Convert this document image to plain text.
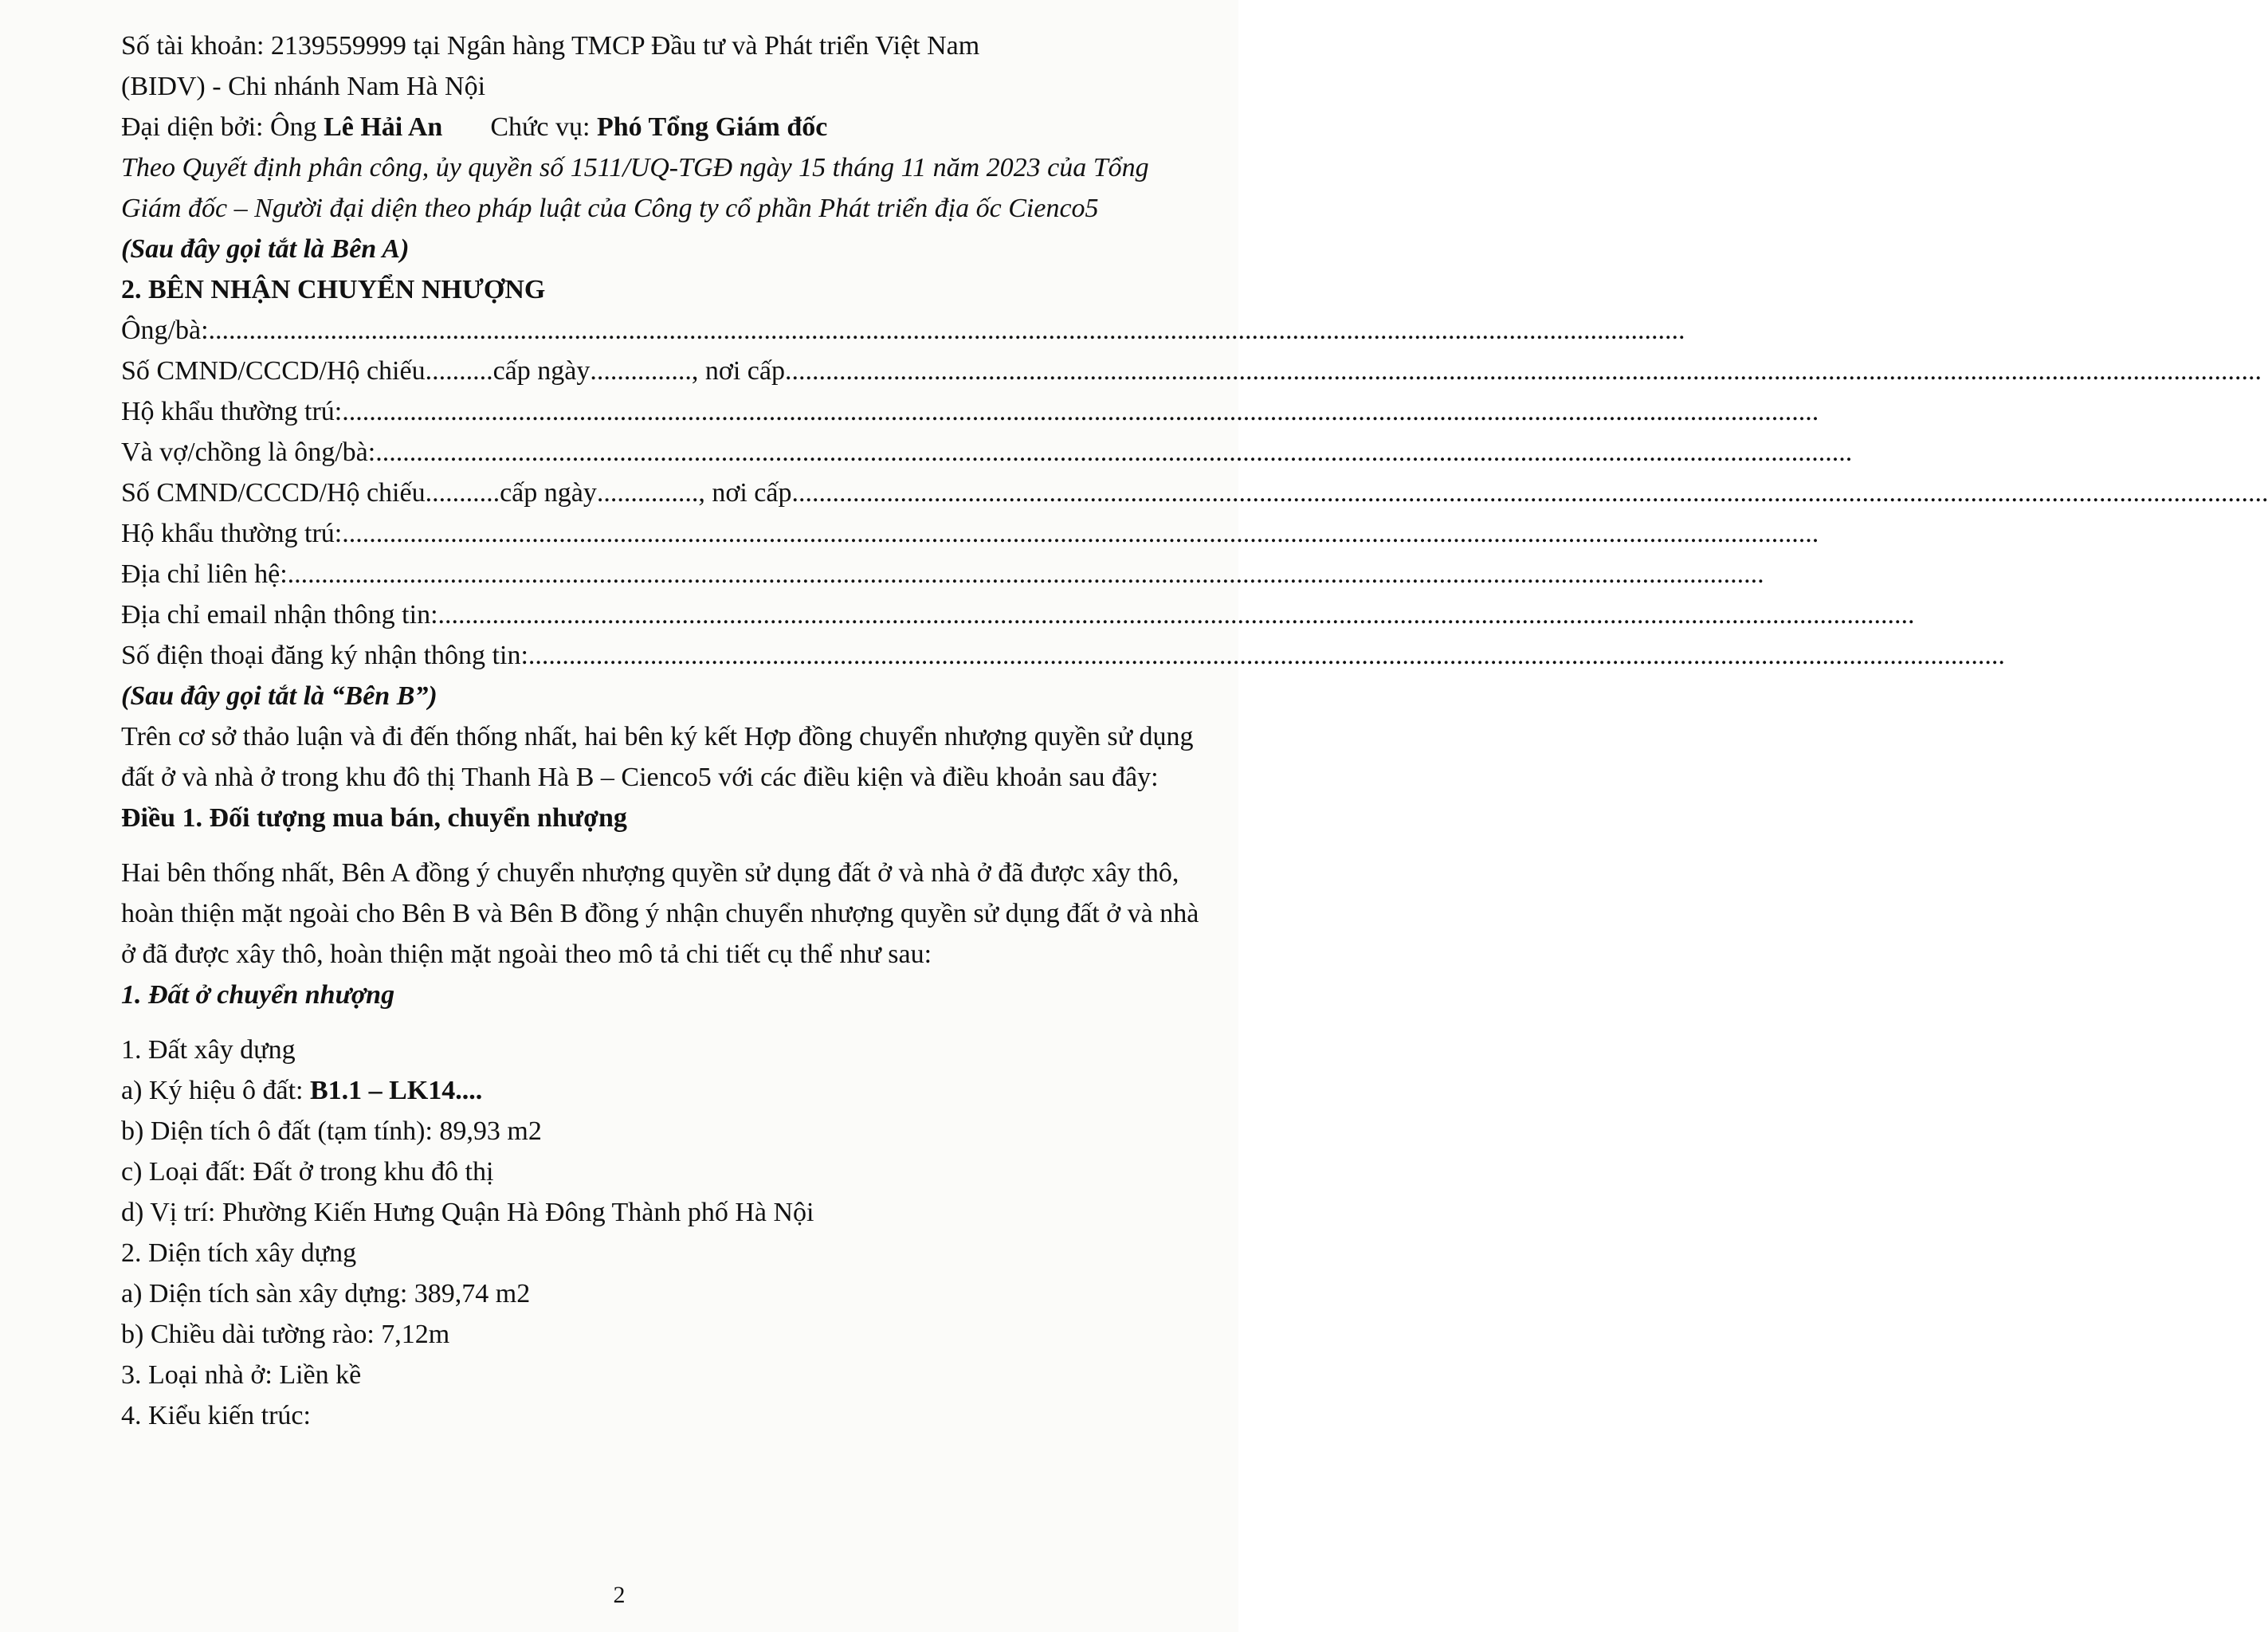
Số tài khoản: 2139559999 tại Ngân hàng TMCP Đầu tư và Phát triển Việt Nam
(BIDV) - Chi nhánh Nam Hà Nội
Đại diện bởi: Ông Lê Hải An Chức vụ: Phó Tổng Giám đốc
Theo Quyết định phân công, ủy quyền số 1511/UQ-TGĐ ngày 15 tháng 11 năm 2023 của Tổng Giám đốc – Người đại diện theo pháp luật của Công ty cổ phần Phát triển địa ốc Cienco5
(Sau đây gọi tắt là Bên A)
2. BÊN NHẬN CHUYỂN NHƯỢNG
Ông/bà: ..........................................................................................................................................................................................................................
Số CMND/CCCD/Hộ chiếu .......... cấp ngày ............... , nơi cấp ..........................................................................................................................................................................................................................
Hộ khẩu thường trú: ..........................................................................................................................................................................................................................
Và vợ/chồng là ông/bà: ..........................................................................................................................................................................................................................
Số CMND/CCCD/Hộ chiếu ........... cấp ngày ............... , nơi cấp ..........................................................................................................................................................................................................................
Hộ khẩu thường trú: ..........................................................................................................................................................................................................................
Địa chỉ liên hệ: ..........................................................................................................................................................................................................................
Địa chỉ email nhận thông tin: ..........................................................................................................................................................................................................................
Số điện thoại đăng ký nhận thông tin: ..........................................................................................................................................................................................................................
(Sau đây gọi tắt là “Bên B”)
Trên cơ sở thảo luận và đi đến thống nhất, hai bên ký kết Hợp đồng chuyển nhượng quyền sử dụng đất ở và nhà ở trong khu đô thị Thanh Hà B – Cienco5 với các điều kiện và điều khoản sau đây:
Điều 1. Đối tượng mua bán, chuyển nhượng
Hai bên thống nhất, Bên A đồng ý chuyển nhượng quyền sử dụng đất ở và nhà ở đã được xây thô, hoàn thiện mặt ngoài cho Bên B và Bên B đồng ý nhận chuyển nhượng quyền sử dụng đất ở và nhà ở đã được xây thô, hoàn thiện mặt ngoài theo mô tả chi tiết cụ thể như sau:
1. Đất ở chuyển nhượng
1. Đất xây dựng
a) Ký hiệu ô đất: B1.1 – LK14....
b) Diện tích ô đất (tạm tính): 89,93 m2
c) Loại đất: Đất ở trong khu đô thị
d) Vị trí: Phường Kiến Hưng Quận Hà Đông Thành phố Hà Nội
2. Diện tích xây dựng
a) Diện tích sàn xây dựng: 389,74 m2
b) Chiều dài tường rào: 7,12m
3. Loại nhà ở: Liền kề
4. Kiểu kiến trúc:
2
